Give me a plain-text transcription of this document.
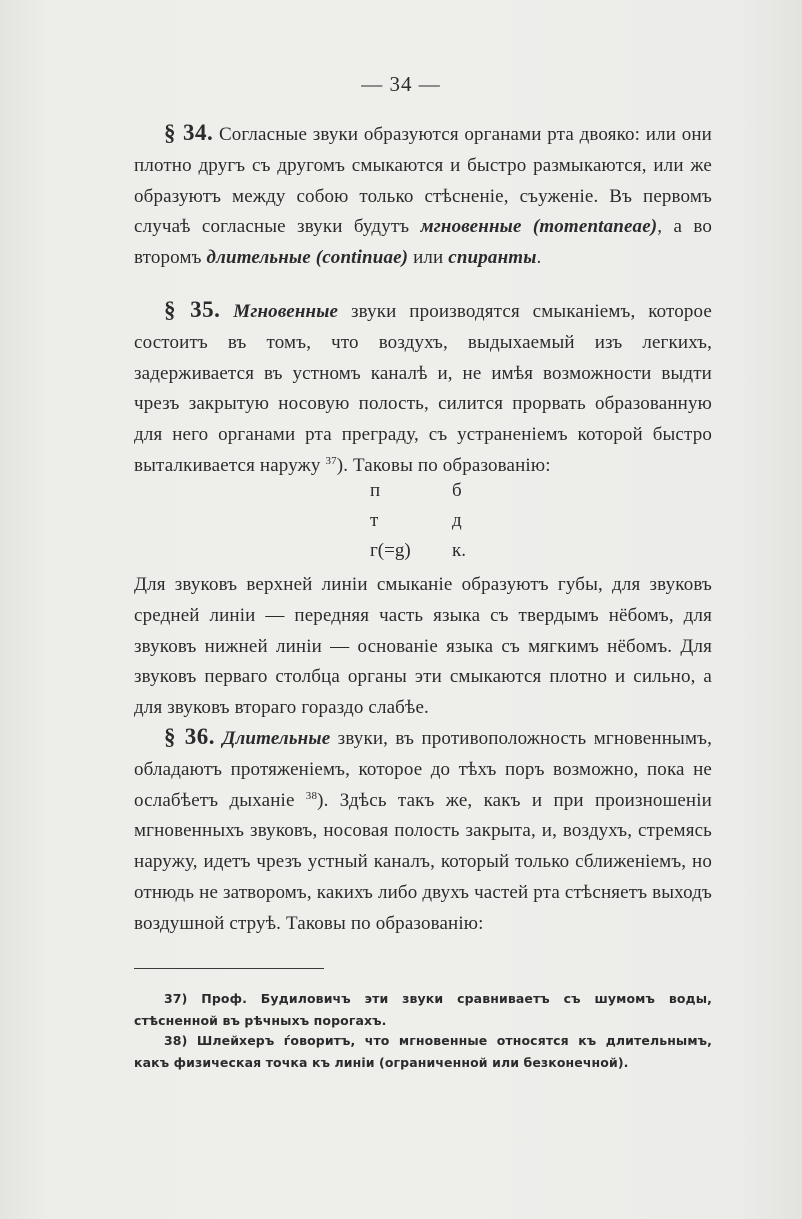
— 34 —

§ 34. Согласные звуки образуются органами рта двояко: или они плотно другъ съ другомъ смыкаются и быстро размыкаются, или же образуютъ между собою только стѣсненіе, съуженіе. Въ первомъ случаѣ согласные звуки будутъ мгновенные (momentaneae), а во второмъ длительные (continuae) или спиранты.

§ 35. Мгновенные звуки производятся смыканіемъ, которое состоитъ въ томъ, что воздухъ, выдыхаемый изъ легкихъ, задерживается въ устномъ каналѣ и, не имѣя возможности выдти чрезъ закрытую носовую полость, силится прорвать образованную для него органами рта преграду, съ устраненіемъ которой быстро выталкивается наружу $^{37}$). Таковы по образованію:

п	б
т	д
г(=g)	к.

Для звуковъ верхней линіи смыканіе образуютъ губы, для звуковъ средней линіи — передняя часть языка съ твердымъ нёбомъ, для звуковъ нижней линіи — основаніе языка съ мягкимъ нёбомъ. Для звуковъ перваго столбца органы эти смыкаются плотно и сильно, а для звуковъ втораго гораздо слабѣе.

§ 36. Длительные звуки, въ противоположность мгновеннымъ, обладаютъ протяженіемъ, которое до тѣхъ поръ возможно, пока не ослабѣетъ дыханіе $^{38}$). Здѣсь такъ же, какъ и при произношеніи мгновенныхъ звуковъ, носовая полость закрыта, и, воздухъ, стремясь наружу, идетъ чрезъ устный каналъ, который только сближеніемъ, но отнюдь не затворомъ, какихъ либо двухъ частей рта стѣсняетъ выходъ воздушной струѣ. Таковы по образованію:

37) Проф. Будиловичъ эти звуки сравниваетъ съ шумомъ воды, стѣсненной въ рѣчныхъ порогахъ.

38) Шлейхеръ ѓоворитъ, что мгновенные относятся къ длительнымъ, какъ физическая точка къ линіи (ограниченной или безконечной).
